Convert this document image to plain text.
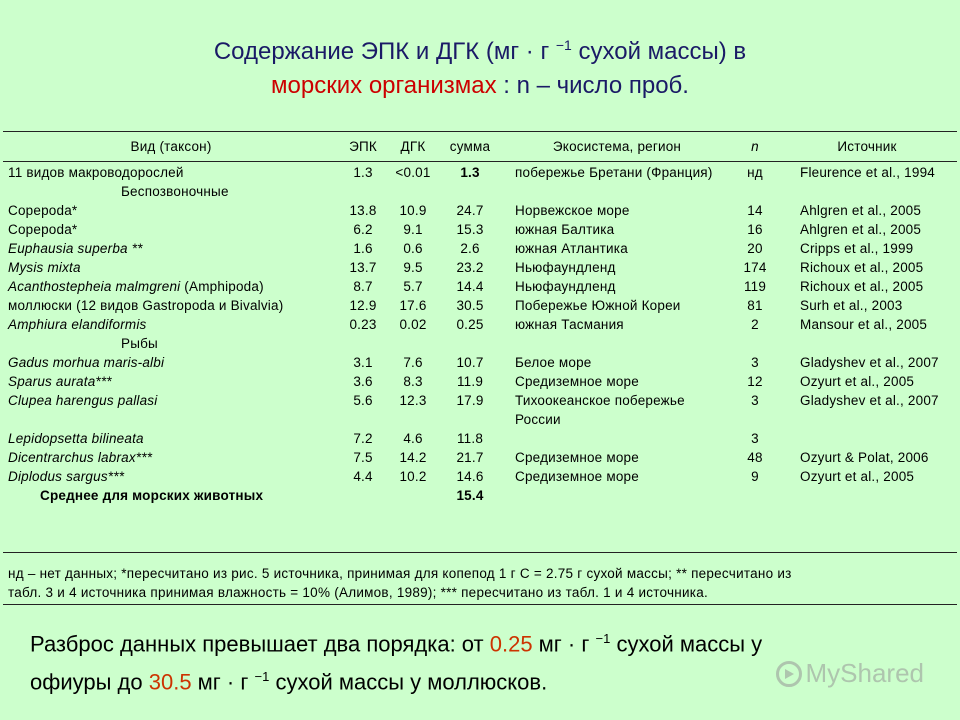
Содержание ЭПК и ДГК (мг · г $^{-1}$ сухой массы) в
морских организмах : n – число проб.
Вид (таксон)	ЭПК	ДГК	сумма	Экосистема, регион	n	Источник
11 видов макроводорослей	1.3	<0.01	1.3	побережье Бретани (Франция)	нд	Fleurence et al., 1994
Беспозвоночные						
Copepoda*	13.8	10.9	24.7	Норвежское море	14	Ahlgren et al., 2005
Copepoda*	6.2	9.1	15.3	южная Балтика	16	Ahlgren et al., 2005
Euphausia superba **	1.6	0.6	2.6	южная Атлантика	20	Cripps et al., 1999
Mysis mixta	13.7	9.5	23.2	Ньюфаундленд	174	Richoux et al., 2005
Acanthostepheia malmgreni (Amphipoda)	8.7	5.7	14.4	Ньюфаундленд	119	Richoux et al., 2005
моллюски (12 видов Gastropoda и Bivalvia)	12.9	17.6	30.5	Побережье Южной Кореи	81	Surh et al., 2003
Amphiura elandiformis	0.23	0.02	0.25	южная Тасмания	2	Mansour et al., 2005
Рыбы						
Gadus morhua maris-albi	3.1	7.6	10.7	Белое море	3	Gladyshev et al., 2007
Sparus aurata***	3.6	8.3	11.9	Средиземное море	12	Ozyurt et al., 2005
Clupea harengus pallasi	5.6	12.3	17.9	Тихоокеанское побережье России	3	Gladyshev et al., 2007
Lepidopsetta bilineata	7.2	4.6	11.8		3	
Dicentrarchus labrax***	7.5	14.2	21.7	Средиземное море	48	Ozyurt & Polat, 2006
Diplodus sargus***	4.4	10.2	14.6	Средиземное море	9	Ozyurt et al., 2005
Среднее для морских животных			15.4			
нд – нет данных; *пересчитано из рис. 5 источника, принимая для копепод 1 г С = 2.75 г сухой массы; ** пересчитано из
табл. 3 и 4 источника принимая влажность = 10% (Алимов, 1989); *** пересчитано из табл. 1 и 4 источника.
Разброс данных превышает два порядка: от 0.25 мг · г $^{-1}$ сухой массы у
офиуры до 30.5 мг · г $^{-1}$ сухой массы у моллюсков.	MyShared
